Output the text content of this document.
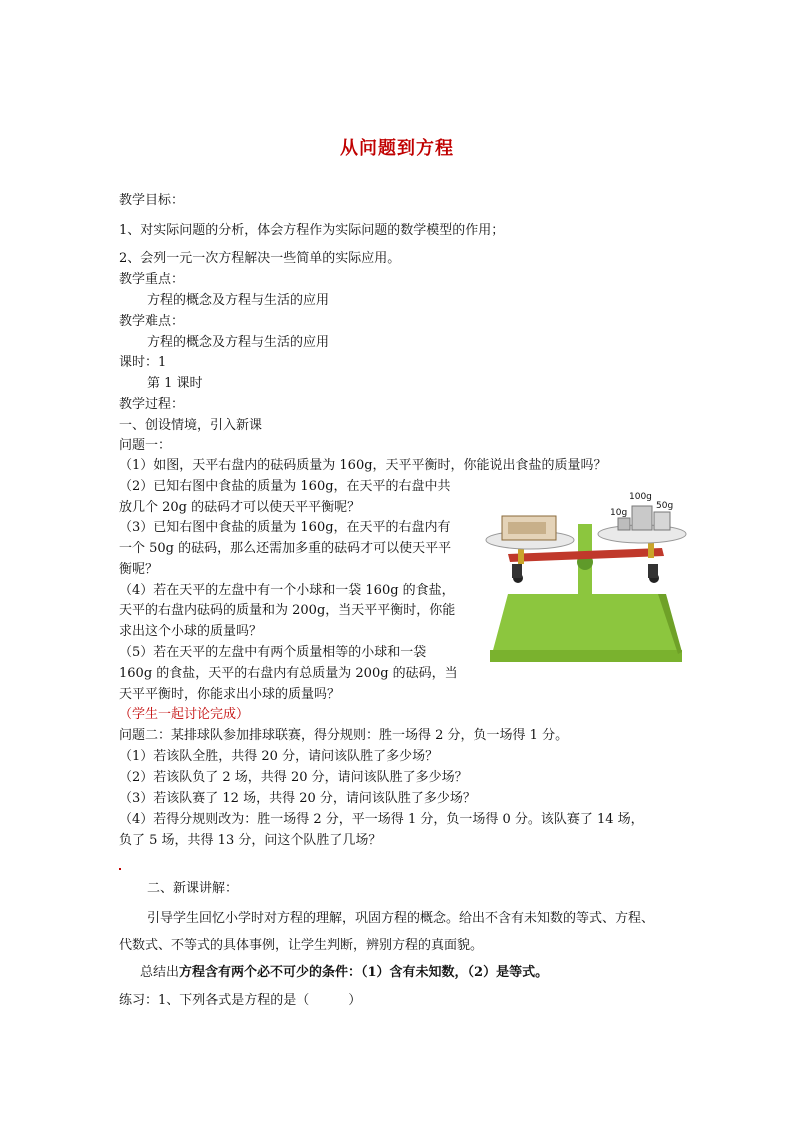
从问题到方程
教学目标：
1、对实际问题的分析，体会方程作为实际问题的数学模型的作用；
2、会列一元一次方程解决一些简单的实际应用。
教学重点：
方程的概念及方程与生活的应用
教学难点：
方程的概念及方程与生活的应用
课时：1
第 1 课时
教学过程：
一、创设情境，引入新课
问题一：
（1）如图，天平右盘内的砝码质量为 160g，天平平衡时，你能说出食盐的质量吗？
（2）已知右图中食盐的质量为 160g，在天平的右盘中共
放几个 20g 的砝码才可以使天平平衡呢？
（3）已知右图中食盐的质量为 160g，在天平的右盘内有
一个 50g 的砝码，那么还需加多重的砝码才可以使天平平
衡呢？
（4）若在天平的左盘中有一个小球和一袋 160g 的食盐，
天平的右盘内砝码的质量和为 200g，当天平平衡时，你能
求出这个小球的质量吗？
（5）若在天平的左盘中有两个质量相等的小球和一袋
160g 的食盐，天平的右盘内有总质量为 200g 的砝码，当
天平平衡时，你能求出小球的质量吗？
（学生一起讨论完成）
问题二：某排球队参加排球联赛，得分规则：胜一场得 2 分，负一场得 1 分。
（1）若该队全胜，共得 20 分，请问该队胜了多少场？
（2）若该队负了 2 场，共得 20 分，请问该队胜了多少场？
（3）若该队赛了 12 场，共得 20 分，请问该队胜了多少场？
（4）若得分规则改为：胜一场得 2 分，平一场得 1 分，负一场得 0 分。该队赛了 14 场，
负了 5 场，共得 13 分，问这个队胜了几场？
二、新课讲解：
引导学生回忆小学时对方程的理解，巩固方程的概念。给出不含有未知数的等式、方程、
代数式、不等式的具体事例，让学生判断，辨别方程的真面貌。
总结出方程含有两个必不可少的条件：（1）含有未知数，（2）是等式。
练习：1、下列各式是方程的是（　　　）
100g
50g
10g
